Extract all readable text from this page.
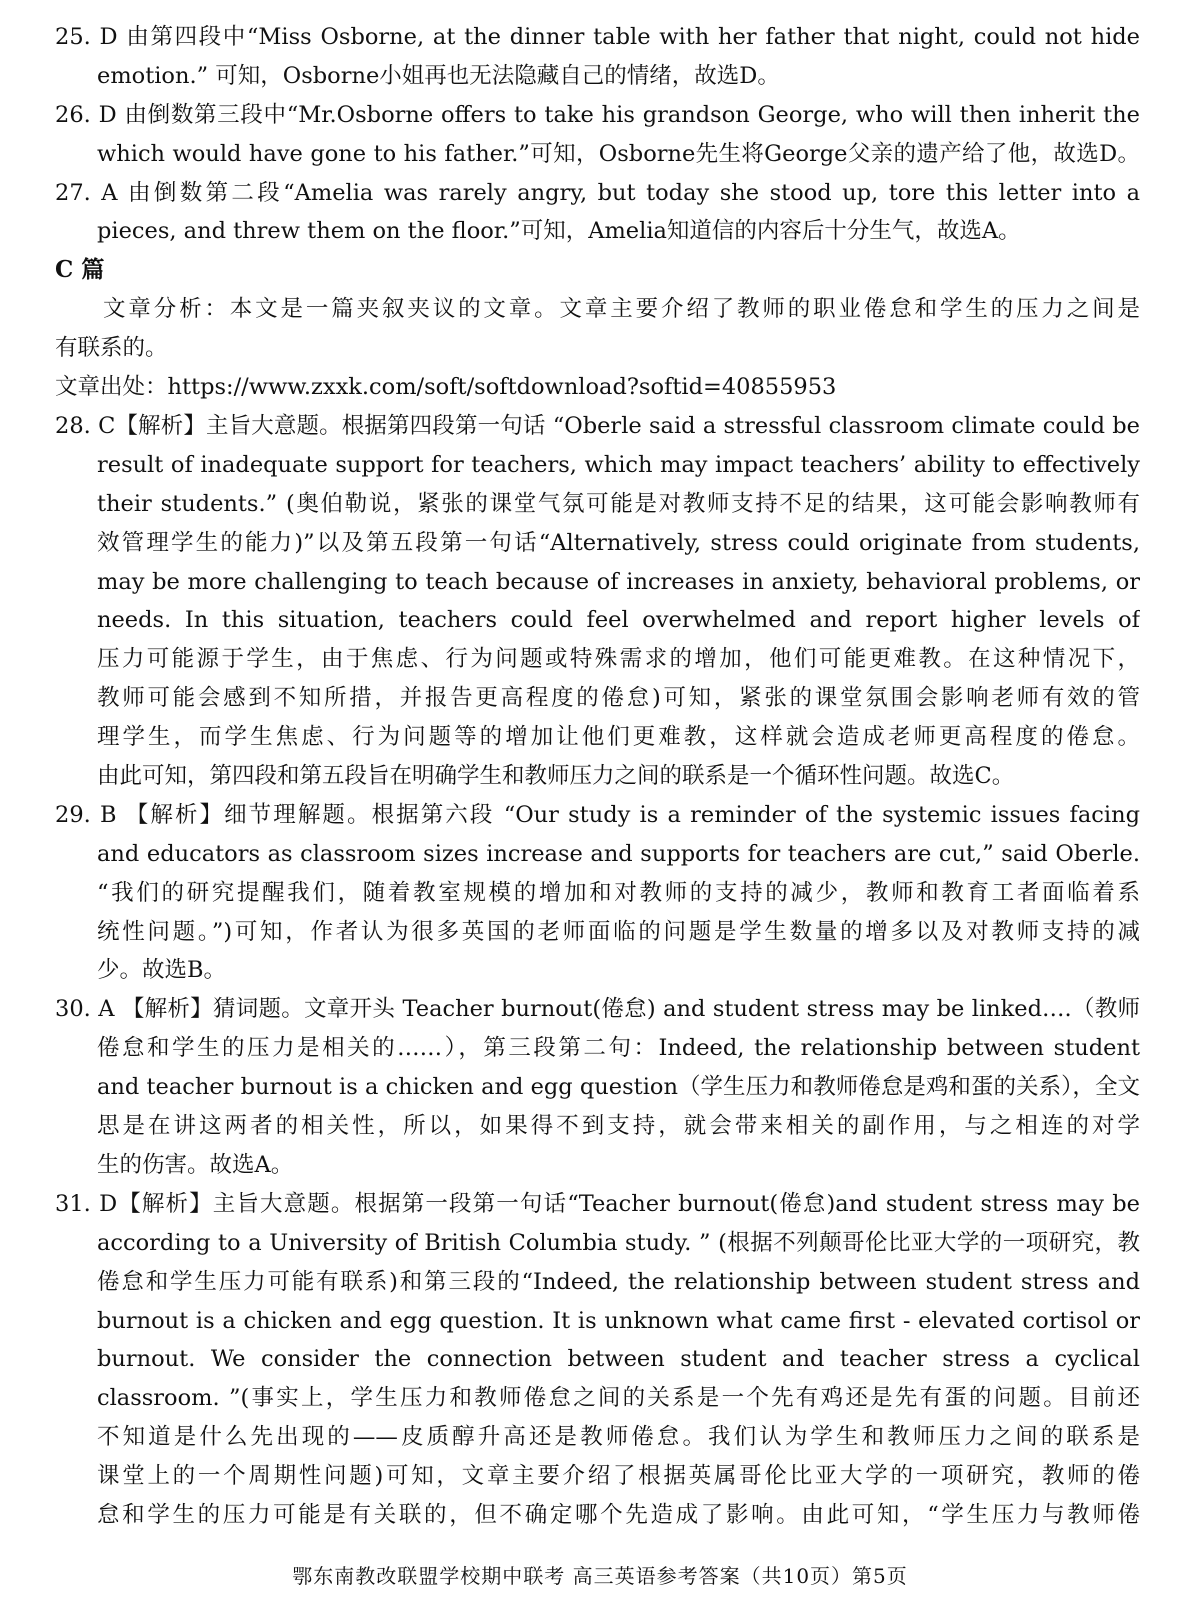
25. D 由第四段中“Miss Osborne, at the dinner table with her father that night, could not hide
emotion.” 可知，Osborne小姐再也无法隐藏自己的情绪，故选D。
26. D 由倒数第三段中“Mr.Osborne offers to take his grandson George, who will then inherit the
which would have gone to his father.”可知，Osborne先生将George父亲的遗产给了他，故选D。
27. A 由倒数第二段“Amelia was rarely angry, but today she stood up, tore this letter into a
pieces, and threw them on the floor.”可知，Amelia知道信的内容后十分生气，故选A。
C 篇
文章分析：本文是一篇夹叙夹议的文章。文章主要介绍了教师的职业倦怠和学生的压力之间是
有联系的。
文章出处：https://www.zxxk.com/soft/softdownload?softid=40855953
28. C【解析】主旨大意题。根据第四段第一句话 “Oberle said a stressful classroom climate could be
result of inadequate support for teachers, which may impact teachers’ ability to effectively
their students.” (奥伯勒说，紧张的课堂气氛可能是对教师支持不足的结果，这可能会影响教师有
效管理学生的能力)”以及第五段第一句话“Alternatively, stress could originate from students,
may be more challenging to teach because of increases in anxiety, behavioral problems, or
needs. In this situation, teachers could feel overwhelmed and report higher levels of
压力可能源于学生，由于焦虑、行为问题或特殊需求的增加，他们可能更难教。在这种情况下，
教师可能会感到不知所措，并报告更高程度的倦怠)可知，紧张的课堂氛围会影响老师有效的管
理学生，而学生焦虑、行为问题等的增加让他们更难教，这样就会造成老师更高程度的倦怠。
由此可知，第四段和第五段旨在明确学生和教师压力之间的联系是一个循环性问题。故选C。
29. B 【解析】细节理解题。根据第六段 “Our study is a reminder of the systemic issues facing
and educators as classroom sizes increase and supports for teachers are cut,” said Oberle.
“我们的研究提醒我们，随着教室规模的增加和对教师的支持的减少，教师和教育工者面临着系
统性问题。”)可知，作者认为很多英国的老师面临的问题是学生数量的增多以及对教师支持的减
少。故选B。
30. A 【解析】猜词题。文章开头 Teacher burnout(倦怠) and student stress may be linked….（教师
倦怠和学生的压力是相关的……），第三段第二句：Indeed, the relationship between student
and teacher burnout is a chicken and egg question（学生压力和教师倦怠是鸡和蛋的关系），全文
思是在讲这两者的相关性，所以，如果得不到支持，就会带来相关的副作用，与之相连的对学
生的伤害。故选A。
31. D【解析】主旨大意题。根据第一段第一句话“Teacher burnout(倦怠)and student stress may be
according to a University of British Columbia study. ” (根据不列颠哥伦比亚大学的一项研究，教
倦怠和学生压力可能有联系)和第三段的“Indeed, the relationship between student stress and
burnout is a chicken and egg question. It is unknown what came first - elevated cortisol or
burnout. We consider the connection between student and teacher stress a cyclical
classroom. ”(事实上，学生压力和教师倦怠之间的关系是一个先有鸡还是先有蛋的问题。目前还
不知道是什么先出现的——皮质醇升高还是教师倦怠。我们认为学生和教师压力之间的联系是
课堂上的一个周期性问题)可知，文章主要介绍了根据英属哥伦比亚大学的一项研究，教师的倦
怠和学生的压力可能是有关联的，但不确定哪个先造成了影响。由此可知，“学生压力与教师倦
鄂东南教改联盟学校期中联考 高三英语参考答案（共10页）第5页
